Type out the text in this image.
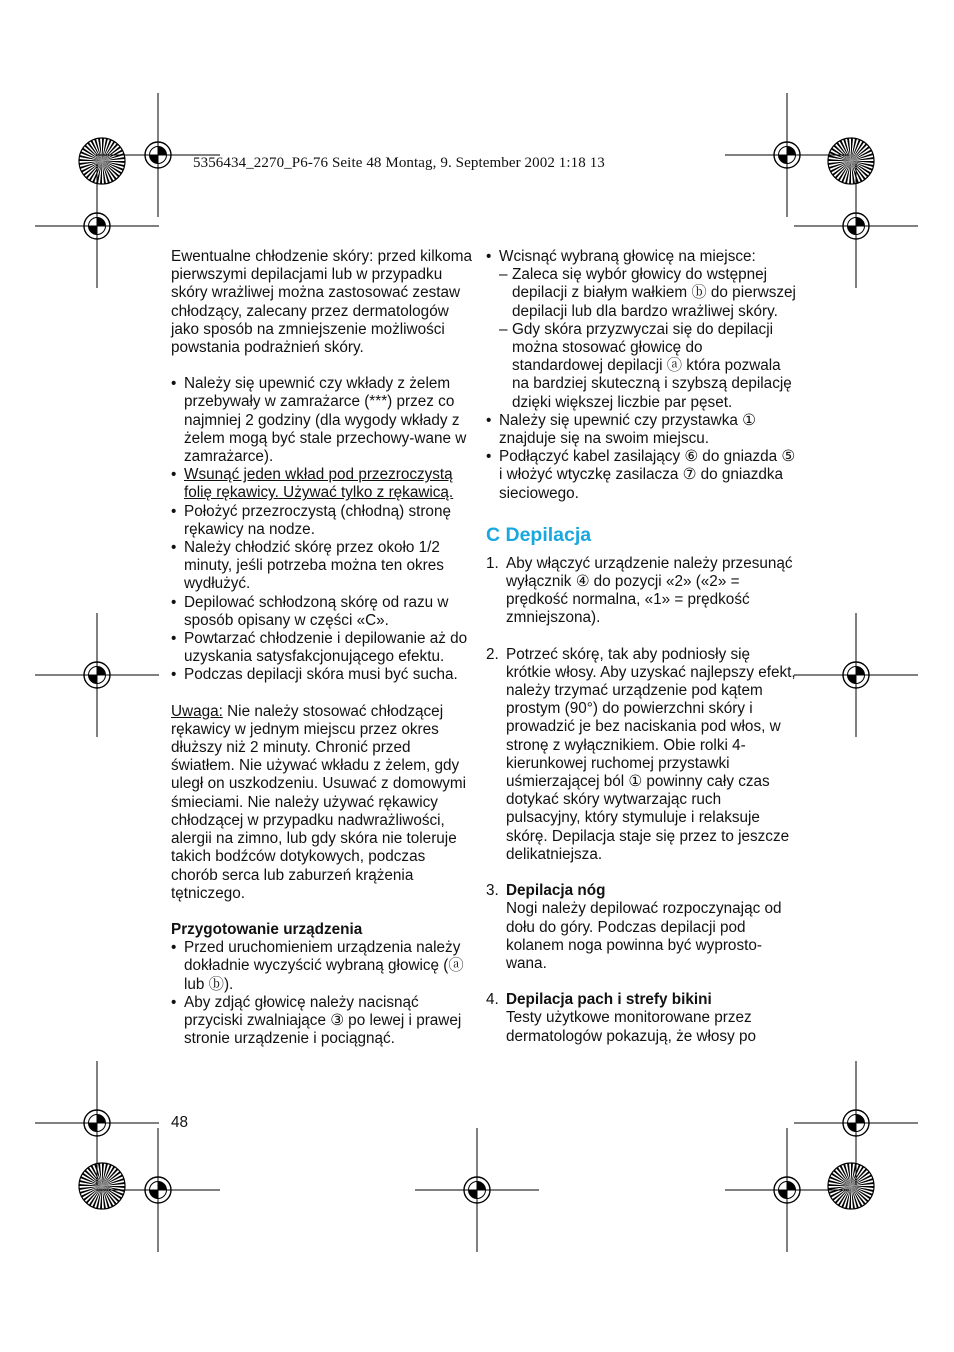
5356434_2270_P6-76 Seite 48 Montag, 9. September 2002 1:18 13

Ewentualne chłodzenie skóry: przed kilkoma pierwszymi depilacjami lub w przypadku skóry wrażliwej można zastosować zestaw chłodzący, zalecany przez dermatologów jako sposób na zmniejszenie możliwości powstania podrażnień skóry.

• Należy się upewnić czy wkłady z żelem przebywały w zamrażarce (***) przez co najmniej 2 godziny (dla wygody wkłady z żelem mogą być stale przechowy-wane w zamrażarce).

• Wsunąć jeden wkład pod przezroczystą folię rękawicy. Używać tylko z rękawicą.

• Położyć przezroczystą (chłodną) stronę rękawicy na nodze.

• Należy chłodzić skórę przez około 1/2 minuty, jeśli potrzeba można ten okres wydłużyć.

• Depilować schłodzoną skórę od razu w sposób opisany w części «C».

• Powtarzać chłodzenie i depilowanie aż do uzyskania satysfakcjonującego efektu.

• Podczas depilacji skóra musi być sucha.

Uwaga: Nie należy stosować chłodzącej rękawicy w jednym miejscu przez okres dłuższy niż 2 minuty. Chronić przed światłem. Nie używać wkładu z żelem, gdy uległ on uszkodzeniu. Usuwać z domowymi śmieciami. Nie należy używać rękawicy chłodzącej w przypadku nadwrażliwości, alergii na zimno, lub gdy skóra nie toleruje takich bodźców dotykowych, podczas chorób serca lub zaburzeń krążenia tętniczego.

Przygotowanie urządzenia

• Przed uruchomieniem urządzenia należy dokładnie wyczyścić wybraną głowicę (ⓐ lub ⓑ).

• Aby zdjąć głowicę należy nacisnąć przyciski zwalniające ③ po lewej i prawej stronie urządzenie i pociągnąć.

• Wcisnąć wybraną głowicę na miejsce:

– Zaleca się wybór głowicy do wstępnej depilacji z białym wałkiem ⓑ do pierwszej depilacji lub dla bardzo wrażliwej skóry.

– Gdy skóra przyzwyczai się do depilacji można stosować głowicę do standardowej depilacji ⓐ która pozwala na bardziej skuteczną i szybszą depilację dzięki większej liczbie par pęset.

• Należy się upewnić czy przystawka ① znajduje się na swoim miejscu.

• Podłączyć kabel zasilający ⑥ do gniazda ⑤ i włożyć wtyczkę zasilacza ⑦ do gniazdka sieciowego.

C Depilacja
1. Aby włączyć urządzenie należy przesunąć wyłącznik ④ do pozycji «2» («2» = prędkość normalna, «1» = prędkość zmniejszona).

2. Potrzeć skórę, tak aby podniosły się krótkie włosy. Aby uzyskać najlepszy efekt, należy trzymać urządzenie pod kątem prostym (90°) do powierzchni skóry i prowadzić je bez naciskania pod włos, w stronę z wyłącznikiem. Obie rolki 4-kierunkowej ruchomej przystawki uśmierzającej ból ① powinny cały czas dotykać skóry wytwarzając ruch pulsacyjny, który stymuluje i relaksuje skórę. Depilacja staje się przez to jeszcze delikatniejsza.

3. Depilacja nóg

Nogi należy depilować rozpoczynając od dołu do góry. Podczas depilacji pod kolanem noga powinna być wyprosto-wana.

4. Depilacja pach i strefy bikini

Testy użytkowe monitorowane przez dermatologów pokazują, że włosy po

48
